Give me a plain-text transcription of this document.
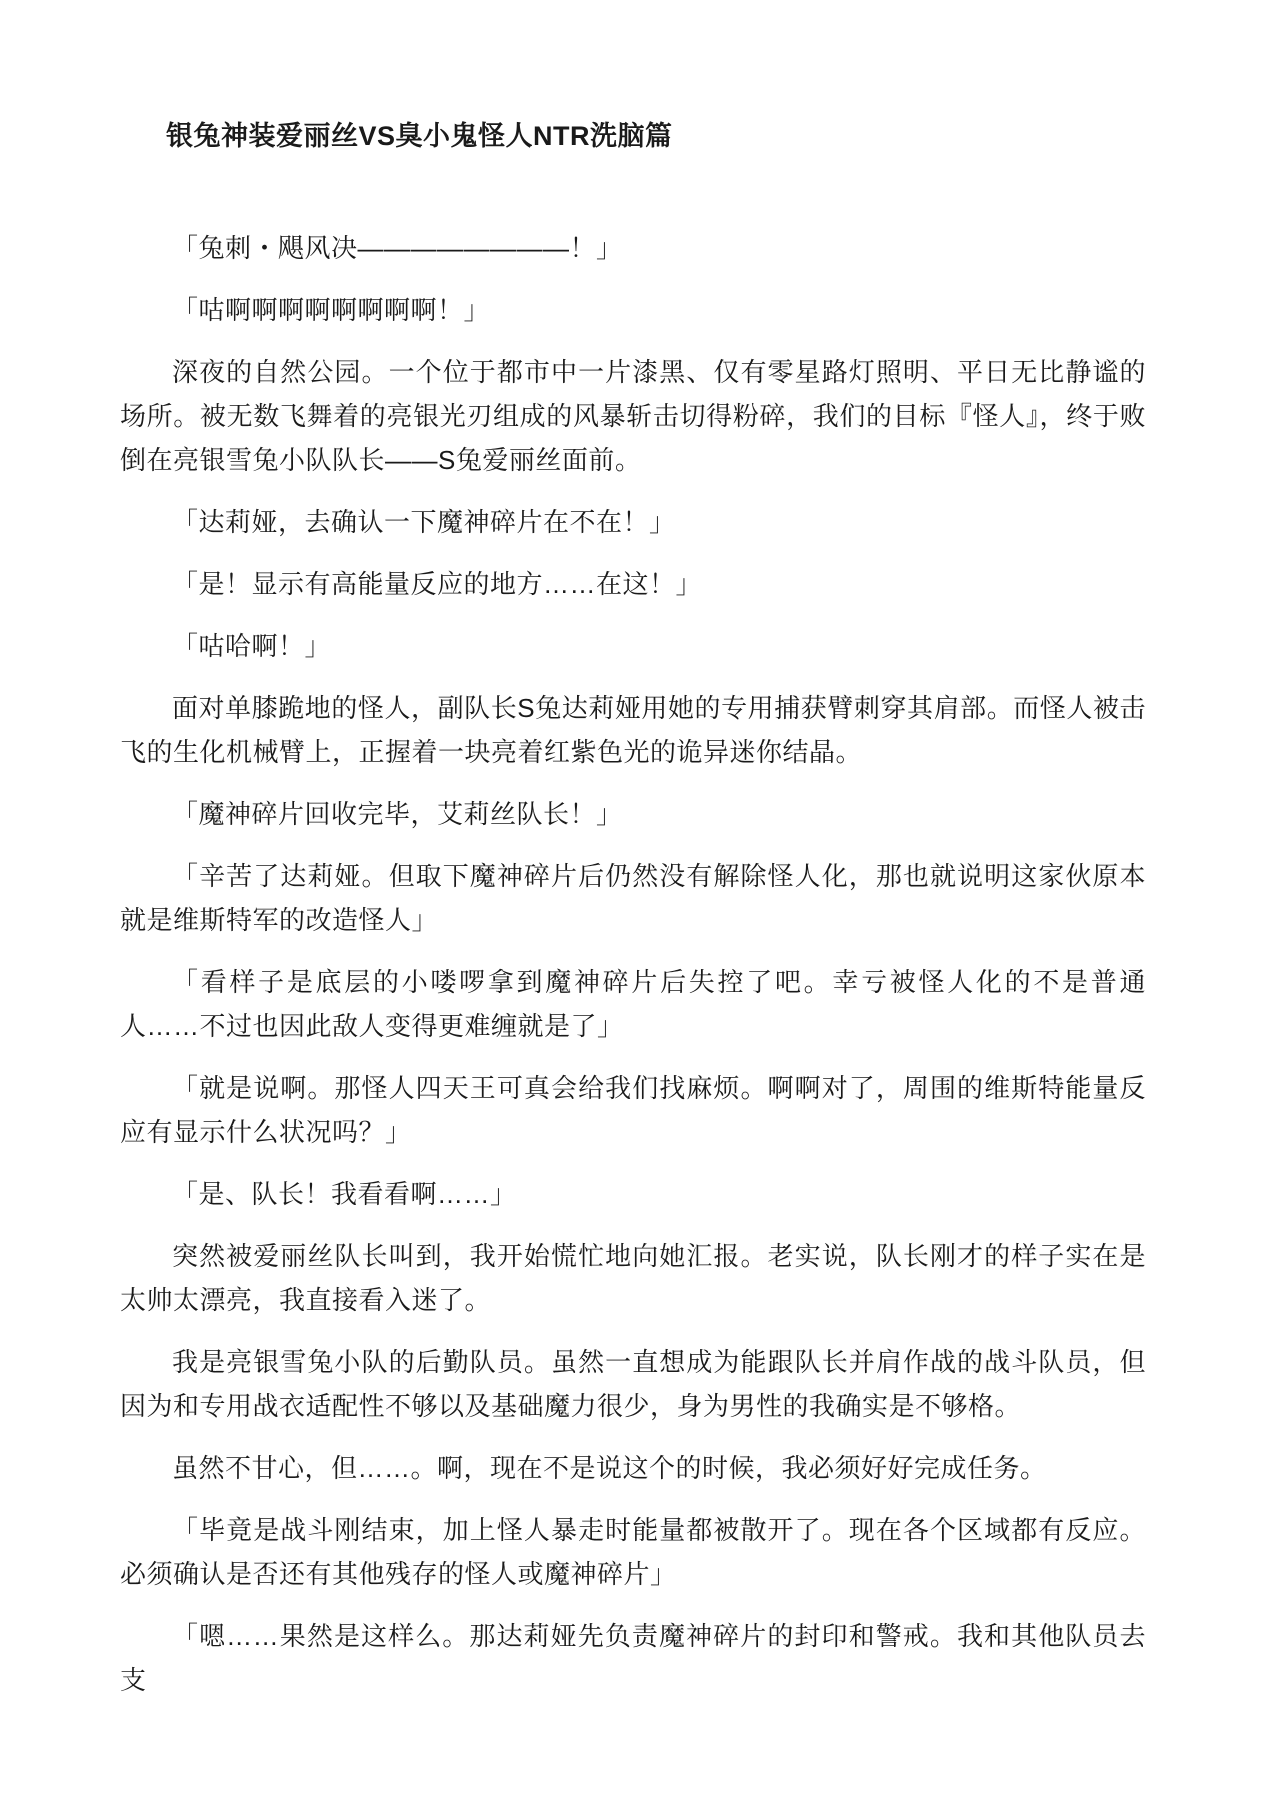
银兔神装爱丽丝VS臭小鬼怪人NTR洗脑篇

「兔刺・飓风决————————！」

「咕啊啊啊啊啊啊啊啊！」

深夜的自然公园。一个位于都市中一片漆黑、仅有零星路灯照明、平日无比静谧的场所。被无数飞舞着的亮银光刃组成的风暴斩击切得粉碎，我们的目标『怪人』，终于败倒在亮银雪兔小队队长——S兔爱丽丝面前。

「达莉娅，去确认一下魔神碎片在不在！」

「是！显示有高能量反应的地方……在这！」

「咕哈啊！」

面对单膝跪地的怪人，副队长S兔达莉娅用她的专用捕获臂刺穿其肩部。而怪人被击飞的生化机械臂上，正握着一块亮着红紫色光的诡异迷你结晶。

「魔神碎片回收完毕，艾莉丝队长！」

「辛苦了达莉娅。但取下魔神碎片后仍然没有解除怪人化，那也就说明这家伙原本就是维斯特军的改造怪人」

「看样子是底层的小喽啰拿到魔神碎片后失控了吧。幸亏被怪人化的不是普通人……不过也因此敌人变得更难缠就是了」

「就是说啊。那怪人四天王可真会给我们找麻烦。啊啊对了，周围的维斯特能量反应有显示什么状况吗？」

「是、队长！我看看啊……」

突然被爱丽丝队长叫到，我开始慌忙地向她汇报。老实说，队长刚才的样子实在是太帅太漂亮，我直接看入迷了。

我是亮银雪兔小队的后勤队员。虽然一直想成为能跟队长并肩作战的战斗队员，但因为和专用战衣适配性不够以及基础魔力很少，身为男性的我确实是不够格。

虽然不甘心，但……。啊，现在不是说这个的时候，我必须好好完成任务。

「毕竟是战斗刚结束，加上怪人暴走时能量都被散开了。现在各个区域都有反应。必须确认是否还有其他残存的怪人或魔神碎片」

「嗯……果然是这样么。那达莉娅先负责魔神碎片的封印和警戒。我和其他队员去支
